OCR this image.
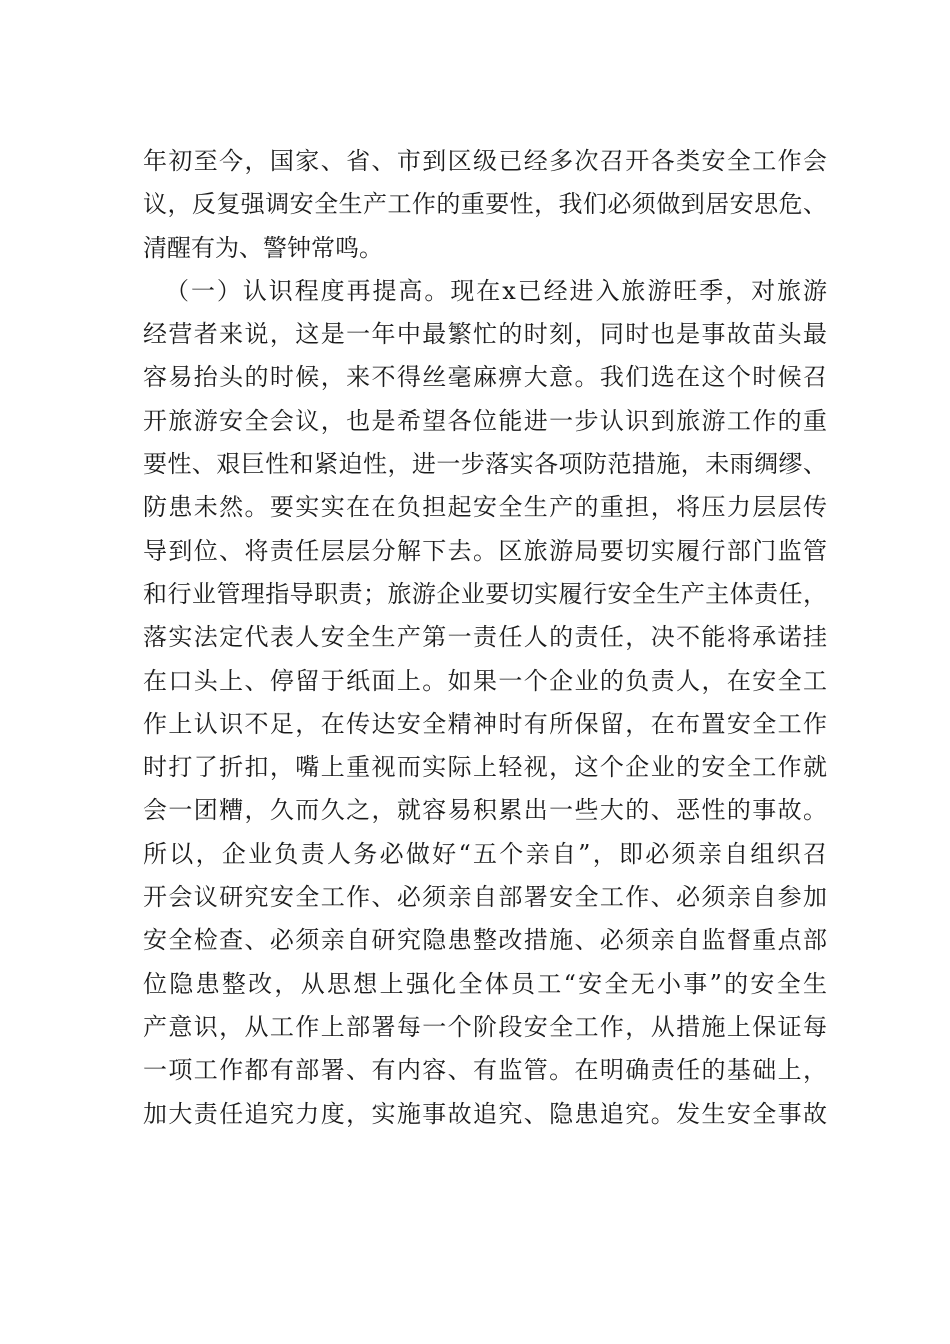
年初至今，国家、省、市到区级已经多次召开各类安全工作会
议，反复强调安全生产工作的重要性，我们必须做到居安思危、
清醒有为、警钟常鸣。
（一）认识程度再提高。现在x已经进入旅游旺季，对旅游
经营者来说，这是一年中最繁忙的时刻，同时也是事故苗头最
容易抬头的时候，来不得丝毫麻痹大意。我们选在这个时候召
开旅游安全会议，也是希望各位能进一步认识到旅游工作的重
要性、艰巨性和紧迫性，进一步落实各项防范措施，未雨绸缪、
防患未然。要实实在在负担起安全生产的重担，将压力层层传
导到位、将责任层层分解下去。区旅游局要切实履行部门监管
和行业管理指导职责；旅游企业要切实履行安全生产主体责任，
落实法定代表人安全生产第一责任人的责任，决不能将承诺挂
在口头上、停留于纸面上。如果一个企业的负责人，在安全工
作上认识不足，在传达安全精神时有所保留，在布置安全工作
时打了折扣，嘴上重视而实际上轻视，这个企业的安全工作就
会一团糟，久而久之，就容易积累出一些大的、恶性的事故。
所以，企业负责人务必做好“五个亲自”，即必须亲自组织召
开会议研究安全工作、必须亲自部署安全工作、必须亲自参加
安全检查、必须亲自研究隐患整改措施、必须亲自监督重点部
位隐患整改，从思想上强化全体员工“安全无小事”的安全生
产意识，从工作上部署每一个阶段安全工作，从措施上保证每
一项工作都有部署、有内容、有监管。在明确责任的基础上，
加大责任追究力度，实施事故追究、隐患追究。发生安全事故
